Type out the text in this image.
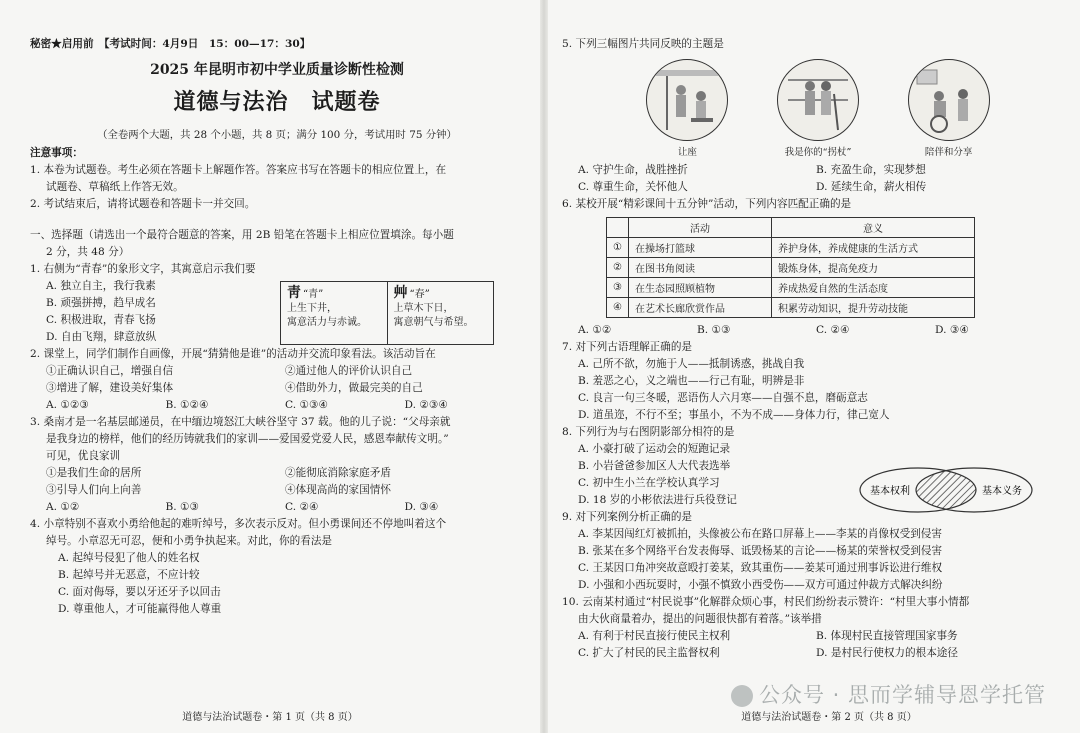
秘密★启用前　【考试时间：4月9日　15：00—17：30】
2025 年昆明市初中学业质量诊断性检测
道德与法治　试题卷
（全卷两个大题，共 28 个小题，共 8 页；满分 100 分，考试用时 75 分钟）
注意事项：
1. 本卷为试题卷。考生必须在答题卡上解题作答。答案应书写在答题卡的相应位置上，在
试题卷、草稿纸上作答无效。
2. 考试结束后，请将试题卷和答题卡一并交回。
一、选择题（请选出一个最符合题意的答案，用 2B 铅笔在答题卡上相应位置填涂。每小题
2 分，共 48 分）
1. 右侧为“青春”的象形文字，其寓意启示我们要
A. 独立自主，我行我素
B. 顽强拼搏，趋早成名
C. 积极进取，青春飞扬
D. 自由飞翔，肆意放纵
⾭ “青”
上生下井，
寓意活力与赤诚。
⾋ “春”
上草木下日，
寓意朝气与希望。
2. 课堂上，同学们制作自画像，开展“猜猜他是谁”的活动并交流印象看法。该活动旨在
①正确认识自己，增强自信	②通过他人的评价认识自己
③增进了解，建设美好集体	④借助外力，做最完美的自己
A. ①②③	B. ①②④	C. ①③④	D. ②③④
3. 桑南才是一名基层邮递员，在中缅边境怒江大峡谷坚守 37 载。他的儿子说：“父母亲就
是我身边的榜样，他们的经历铸就我们的家训——爱国爱党爱人民，感恩奉献传文明。”
可见，优良家训
①是我们生命的居所	②能彻底消除家庭矛盾
③引导人们向上向善	④体现高尚的家国情怀
A. ①②	B. ①③	C. ②④	D. ③④
4. 小章特别不喜欢小勇给他起的难听绰号，多次表示反对。但小勇课间还不停地叫着这个
绰号。小章忍无可忍，便和小勇争执起来。对此，你的看法是
A. 起绰号侵犯了他人的姓名权
B. 起绰号并无恶意，不应计较
C. 面对侮辱，要以牙还牙予以回击
D. 尊重他人，才可能赢得他人尊重
道德与法治试题卷・第 1 页（共 8 页）
5. 下列三幅图片共同反映的主题是
让座	我是你的“拐杖”	陪伴和分享
A. 守护生命，战胜挫折	B. 充盈生命，实现梦想
C. 尊重生命，关怀他人	D. 延续生命，薪火相传
6. 某校开展“精彩课间十五分钟”活动，下列内容匹配正确的是
	活动	意义
①	在操场打篮球	养护身体，养成健康的生活方式
②	在图书角阅读	锻炼身体，提高免疫力
③	在生态园照顾植物	养成热爱自然的生活态度
④	在艺术长廊欣赏作品	积累劳动知识，提升劳动技能
A. ①②	B. ①③	C. ②④	D. ③④
7. 对下列古语理解正确的是
A. 己所不欲，勿施于人——抵制诱惑，挑战自我
B. 羞恶之心，义之端也——行己有耻，明辨是非
C. 良言一句三冬暖，恶语伤人六月寒——自强不息，磨砺意志
D. 道虽迩，不行不至；事虽小，不为不成——身体力行，律己宽人
8. 下列行为与右图阴影部分相符的是
A. 小豪打破了运动会的短跑记录
B. 小岩爸爸参加区人大代表选举
C. 初中生小兰在学校认真学习
D. 18 岁的小彬依法进行兵役登记
基本权利	基本义务
9. 对下列案例分析正确的是
A. 李某因闯红灯被抓拍，头像被公布在路口屏幕上——李某的肖像权受到侵害
B. 张某在多个网络平台发表侮辱、诋毁杨某的言论——杨某的荣誉权受到侵害
C. 王某因口角冲突故意殴打姜某，致其重伤——姜某可通过刑事诉讼进行维权
D. 小强和小西玩耍时，小强不慎致小西受伤——双方可通过仲裁方式解决纠纷
10. 云南某村通过“村民说事”化解群众烦心事，村民们纷纷表示赞许：“村里大事小情都
由大伙商量着办，提出的问题很快都有着落。”该举措
A. 有利于村民直接行使民主权利	B. 体现村民直接管理国家事务
C. 扩大了村民的民主监督权利	D. 是村民行使权力的根本途径
道德与法治试题卷・第 2 页（共 8 页）
公众号 · 思而学辅导恩学托管
